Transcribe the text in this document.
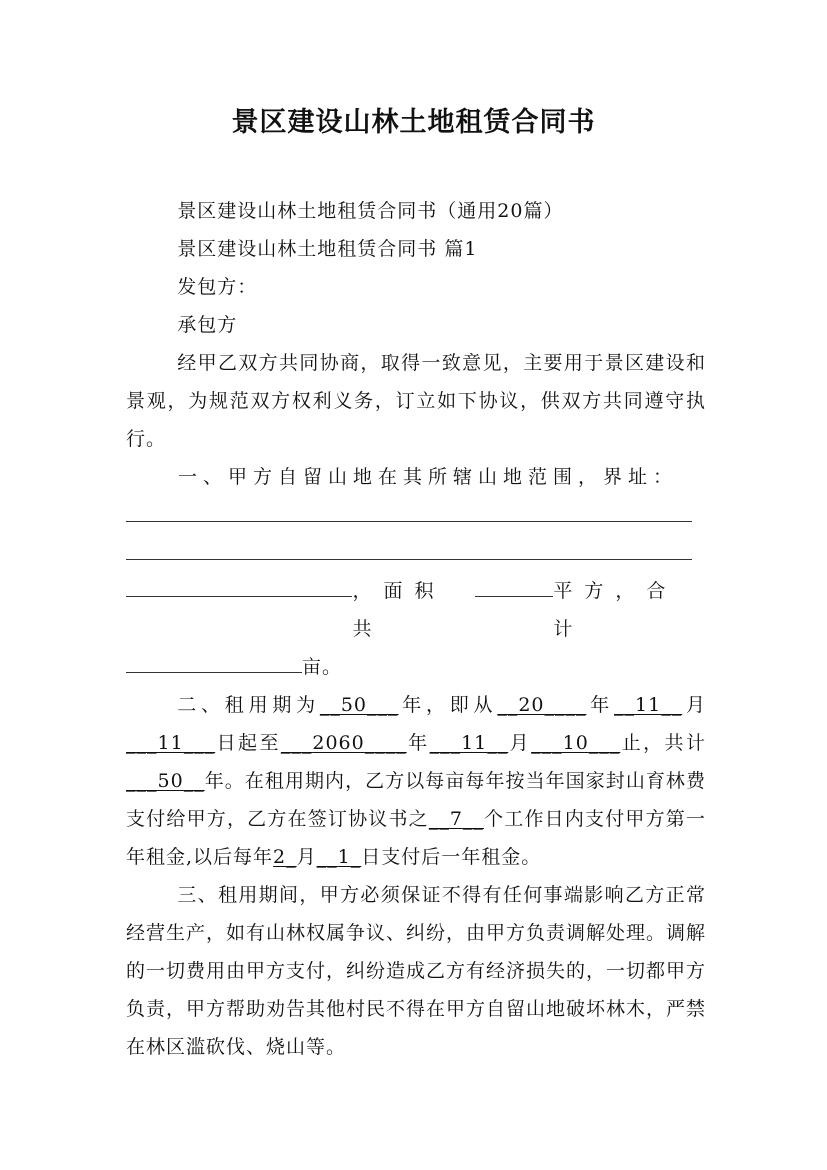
景区建设山林土地租赁合同书

景区建设山林土地租赁合同书（通用20篇）

景区建设山林土地租赁合同书 篇1

发包方：

承包方

经甲乙双方共同协商，取得一致意见，主要用于景区建设和景观，为规范双方权利义务，订立如下协议，供双方共同遵守执行。

一、甲方自留山地在其所辖山地范围，界址：

，面积共
平方，合计

亩。

二、租用期为__50___年，即从__20____年__11__月___11___日起至___2060____年___11__月___10___止，共计___50__年。在租用期内，乙方以每亩每年按当年国家封山育林费支付给甲方，乙方在签订协议书之__7__个工作日内支付甲方第一年租金,以后每年2_月__1_日支付后一年租金。

三、租用期间，甲方必须保证不得有任何事端影响乙方正常经营生产，如有山林权属争议、纠纷，由甲方负责调解处理。调解的一切费用由甲方支付，纠纷造成乙方有经济损失的，一切都甲方负责，甲方帮助劝告其他村民不得在甲方自留山地破坏林木，严禁在林区滥砍伐、烧山等。
